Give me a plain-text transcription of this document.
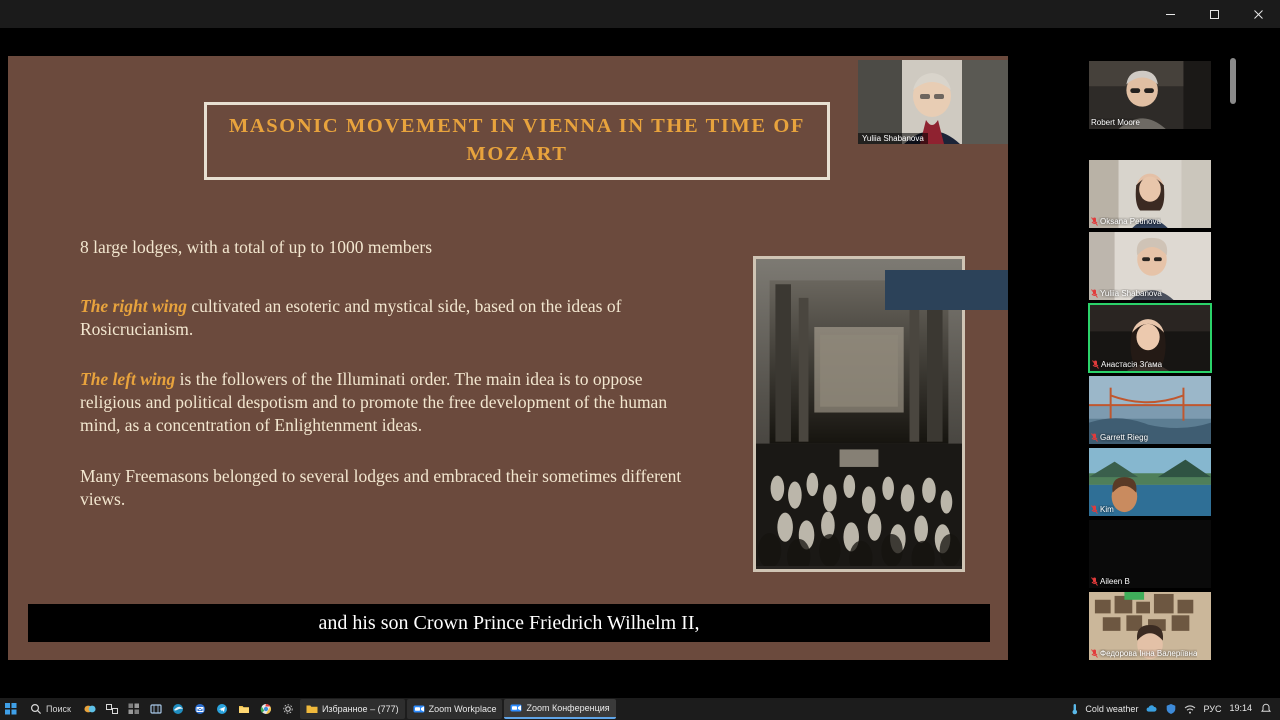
MASONIC MOVEMENT IN VIENNA IN THE TIME OF MOZART
8 large lodges, with a total of up to 1000 members
The right wing cultivated an esoteric and mystical side, based on the ideas of Rosicrucianism.
The left wing is the followers of the Illuminati order. The main idea is to oppose religious and political despotism and to promote the free development of the human mind, as a concentration of Enlightenment ideas.
Many Freemasons belonged to several lodges and embraced their sometimes different views.
and his son Crown Prince Friedrich Wilhelm II,
Yuliia Shabanova
Robert Moore
Oksana Petinova
Yuliia Shabanova
Анастасія Зґама
Garrett Riegg
Kim
Aileen B
Федорова Інна Валеріївна
Поиск	Избранное – (777)	Zoom Workplace	Zoom Конференция	Cold weather	РУС 19:14
